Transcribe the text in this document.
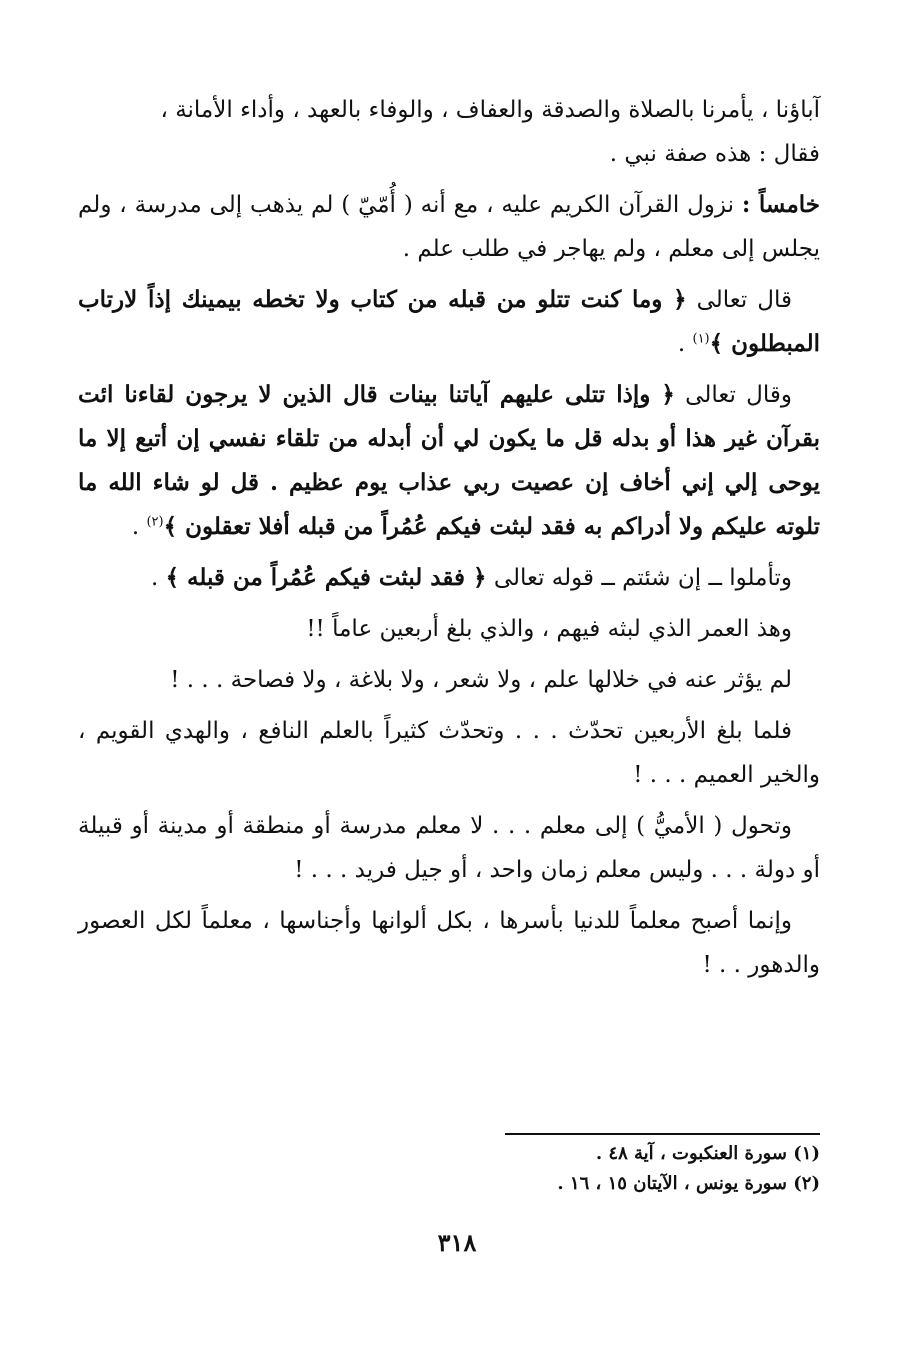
آباؤنا ، يأمرنا بالصلاة والصدقة والعفاف ، والوفاء بالعهد ، وأداء الأمانة ،
فقال : هذه صفة نبي .

خامساً : نزول القرآن الكريم عليه ، مع أنه ( أُمّيّ ) لم يذهب إلى مدرسة ، ولم يجلس إلى معلم ، ولم يهاجر في طلب علم .

قال تعالى ﴿ وما كنت تتلو من قبله من كتاب ولا تخطه بيمينك إذاً لارتاب المبطلون ﴾$^{(١)}$ .

وقال تعالى ﴿ وإذا تتلى عليهم آياتنا بينات قال الذين لا يرجون لقاءنا ائت بقرآن غير هذا أو بدله قل ما يكون لي أن أبدله من تلقاء نفسي إن أتبع إلا ما يوحى إلي إني أخاف إن عصيت ربي عذاب يوم عظيم . قل لو شاء الله ما تلوته عليكم ولا أدراكم به فقد لبثت فيكم عُمُراً من قبله أفلا تعقلون ﴾$^{(٢)}$ .

وتأملوا ــ إن شئتم ــ قوله تعالى ﴿ فقد لبثت فيكم عُمُراً من قبله ﴾ .

وهذ العمر الذي لبثه فيهم ، والذي بلغ أربعين عاماً !!

لم يؤثر عنه في خلالها علم ، ولا شعر ، ولا بلاغة ، ولا فصاحة . . . !

فلما بلغ الأربعين تحدّث . . . وتحدّث كثيراً بالعلم النافع ، والهدي القويم ، والخير العميم . . . !

وتحول ( الأميُّ ) إلى معلم . . . لا معلم مدرسة أو منطقة أو مدينة أو قبيلة أو دولة . . . وليس معلم زمان واحد ، أو جيل فريد . . . !

وإنما أصبح معلماً للدنيا بأسرها ، بكل ألوانها وأجناسها ، معلماً لكل العصور والدهور . . !

(١) سورة العنكبوت ، آية ٤٨ .

(٢) سورة يونس ، الآيتان ١٥ ، ١٦ .

٣١٨
